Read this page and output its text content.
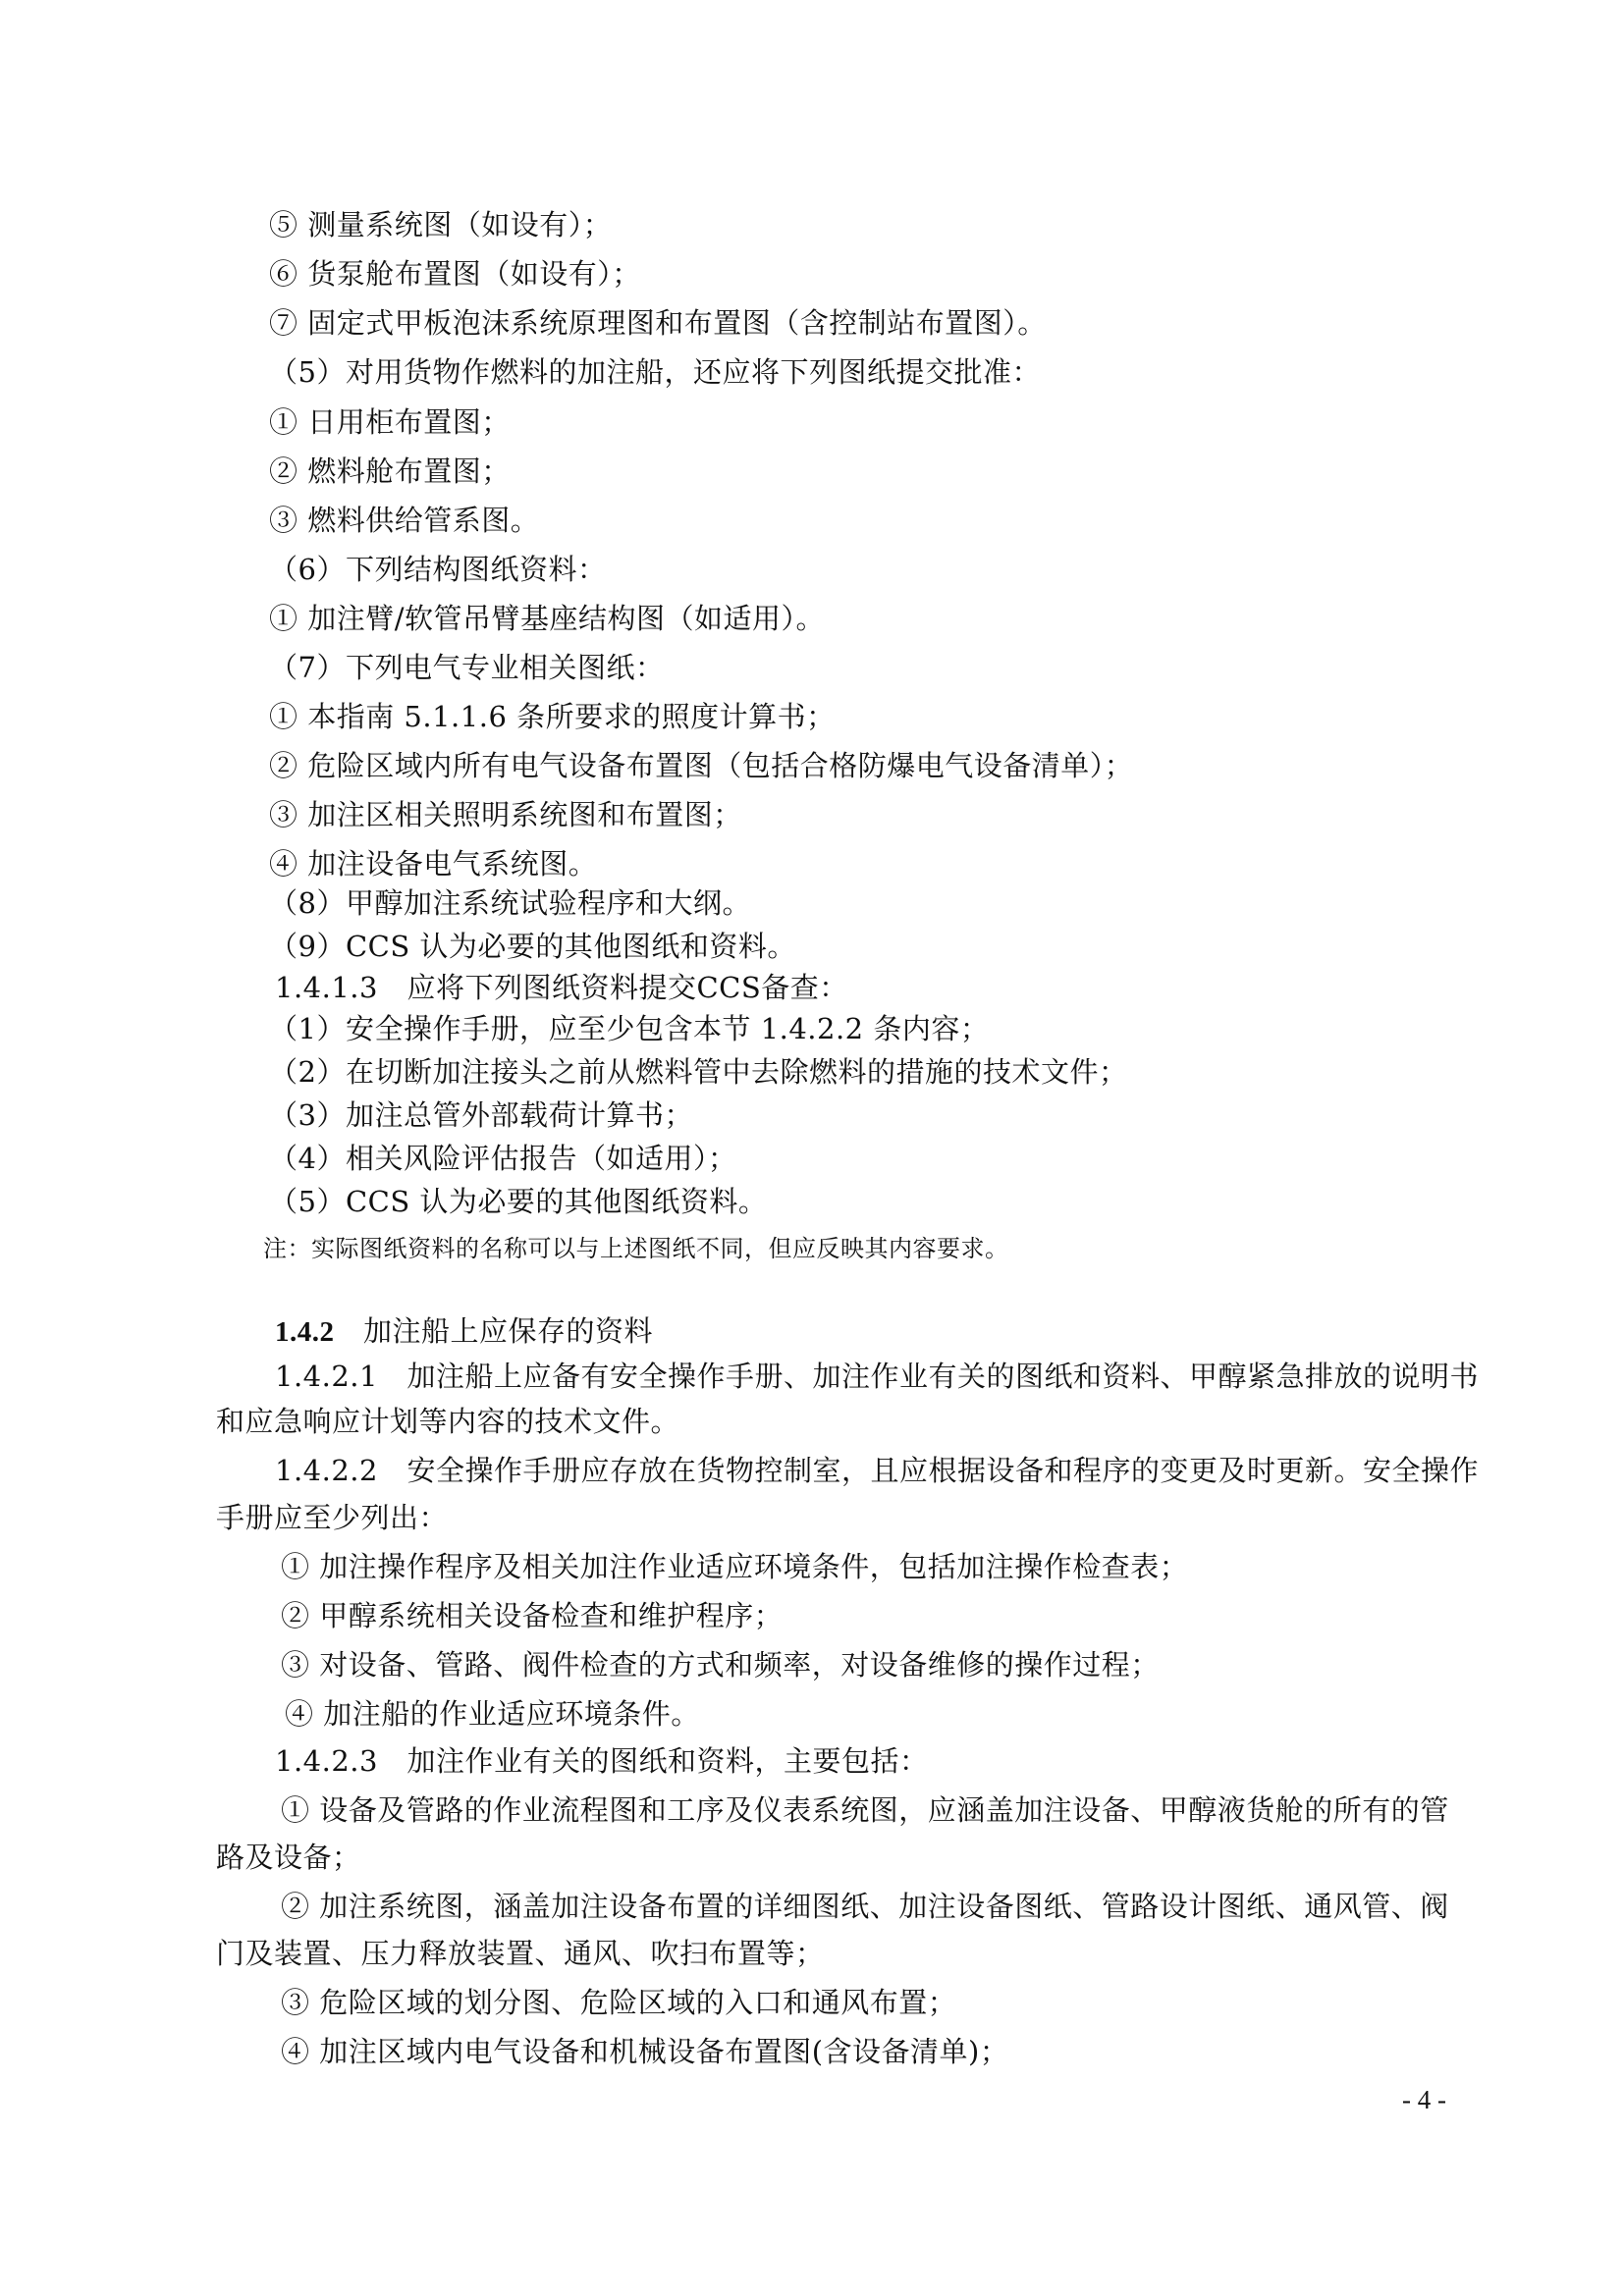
⑤ 测量系统图（如设有）；
⑥ 货泵舱布置图（如设有）；
⑦ 固定式甲板泡沫系统原理图和布置图（含控制站布置图）。
（5）对用货物作燃料的加注船，还应将下列图纸提交批准：
① 日用柜布置图；
② 燃料舱布置图；
③ 燃料供给管系图。
（6）下列结构图纸资料：
① 加注臂/软管吊臂基座结构图（如适用）。
（7）下列电气专业相关图纸：
① 本指南 5.1.1.6 条所要求的照度计算书；
② 危险区域内所有电气设备布置图（包括合格防爆电气设备清单）；
③ 加注区相关照明系统图和布置图；
④ 加注设备电气系统图。
（8）甲醇加注系统试验程序和大纲。
（9）CCS 认为必要的其他图纸和资料。
1.4.1.3　应将下列图纸资料提交CCS备查：
（1）安全操作手册，应至少包含本节 1.4.2.2 条内容；
（2）在切断加注接头之前从燃料管中去除燃料的措施的技术文件；
（3）加注总管外部载荷计算书；
（4）相关风险评估报告（如适用）；
（5）CCS 认为必要的其他图纸资料。
注：实际图纸资料的名称可以与上述图纸不同，但应反映其内容要求。
1.4.2　 加注船上应保存的资料
1.4.2.1　加注船上应备有安全操作手册、加注作业有关的图纸和资料、甲醇紧急排放的说明书
和应急响应计划等内容的技术文件。
1.4.2.2　安全操作手册应存放在货物控制室，且应根据设备和程序的变更及时更新。安全操作
手册应至少列出：
① 加注操作程序及相关加注作业适应环境条件，包括加注操作检查表；
② 甲醇系统相关设备检查和维护程序；
③ 对设备、管路、阀件检查的方式和频率，对设备维修的操作过程；
④ 加注船的作业适应环境条件。
1.4.2.3　加注作业有关的图纸和资料，主要包括：
① 设备及管路的作业流程图和工序及仪表系统图，应涵盖加注设备、甲醇液货舱的所有的管
路及设备；
② 加注系统图，涵盖加注设备布置的详细图纸、加注设备图纸、管路设计图纸、通风管、阀
门及装置、压力释放装置、通风、吹扫布置等；
③ 危险区域的划分图、危险区域的入口和通风布置；
④ 加注区域内电气设备和机械设备布置图(含设备清单)；
- 4 -
